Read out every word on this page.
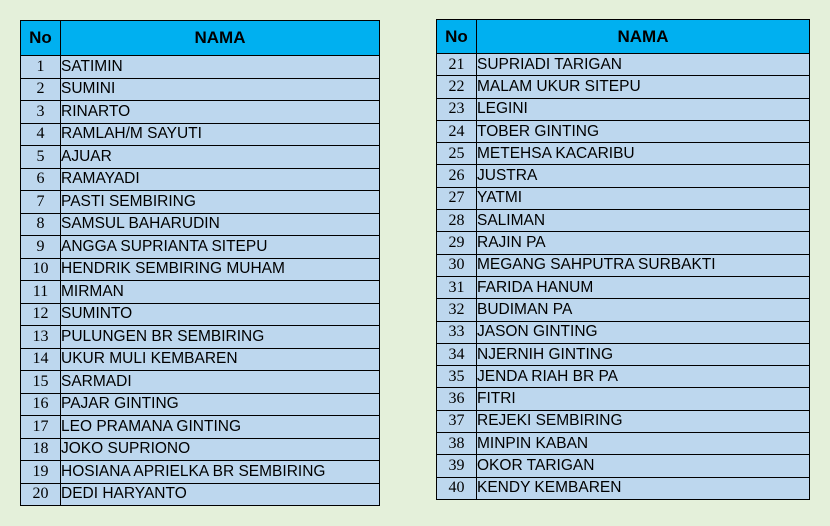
No	NAMA
1	SATIMIN
2	SUMINI
3	RINARTO
4	RAMLAH/M SAYUTI
5	AJUAR
6	RAMAYADI
7	PASTI SEMBIRING
8	SAMSUL BAHARUDIN
9	ANGGA SUPRIANTA SITEPU
10	HENDRIK SEMBIRING MUHAM
11	MIRMAN
12	SUMINTO
13	PULUNGEN BR SEMBIRING
14	UKUR MULI KEMBAREN
15	SARMADI
16	PAJAR GINTING
17	LEO PRAMANA GINTING
18	JOKO SUPRIONO
19	HOSIANA APRIELKA BR SEMBIRING
20	DEDI HARYANTO
No	NAMA
21	SUPRIADI TARIGAN
22	MALAM UKUR SITEPU
23	LEGINI
24	TOBER GINTING
25	METEHSA KACARIBU
26	JUSTRA
27	YATMI
28	SALIMAN
29	RAJIN PA
30	MEGANG SAHPUTRA SURBAKTI
31	FARIDA HANUM
32	BUDIMAN PA
33	JASON GINTING
34	NJERNIH GINTING
35	JENDA RIAH BR PA
36	FITRI
37	REJEKI SEMBIRING
38	MINPIN KABAN
39	OKOR TARIGAN
40	KENDY KEMBAREN
